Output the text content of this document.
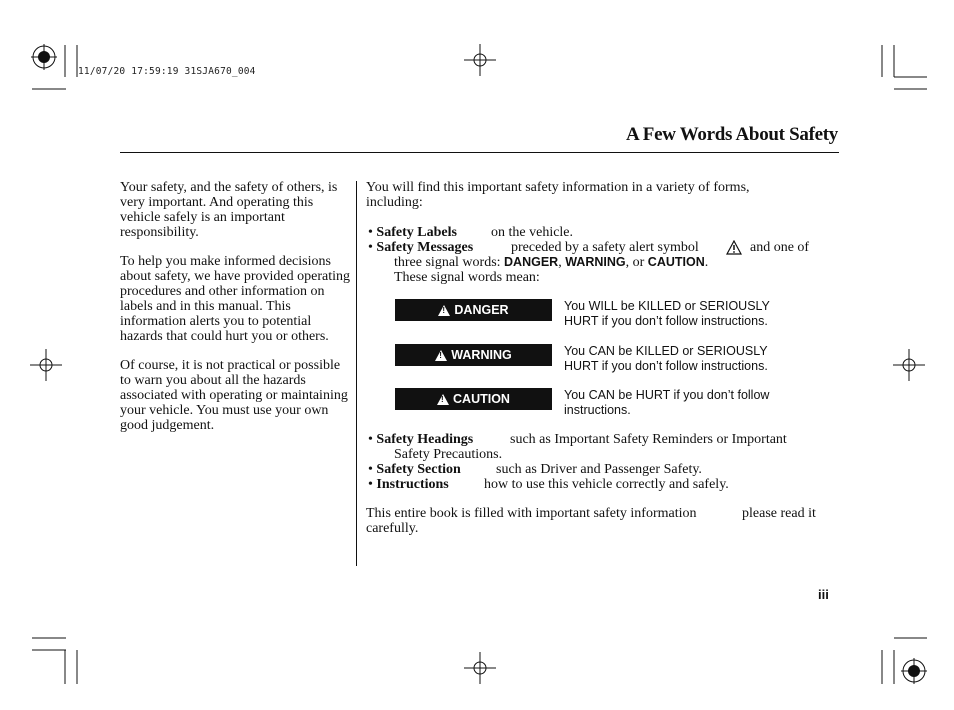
11/07/20 17:59:19 31SJA670_004
A Few Words About Safety

Your safety, and the safety of others, is very important. And operating this vehicle safely is an important responsibility.

To help you make informed decisions about safety, we have provided operating procedures and other information on labels and in this manual. This information alerts you to potential hazards that could hurt you or others.

Of course, it is not practical or possible to warn you about all the hazards associated with operating or maintaining your vehicle. You must use your own good judgement.

You will find this important safety information in a variety of forms, including:
• Safety Labels on the vehicle.
• Safety Messages	preceded by a safety alert symbol	and one of
three signal words: DANGER, WARNING, or CAUTION.
These signal words mean:
!
DANGER	You WILL be KILLED or SERIOUSLY HURT if you don’t follow instructions.
!
WARNING	You CAN be KILLED or SERIOUSLY HURT if you don’t follow instructions.
!
CAUTION	You CAN be HURT if you don’t follow instructions.
• Safety Headings	such as Important Safety Reminders or Important
Safety Precautions.
• Safety Section	such as Driver and Passenger Safety.
• Instructions	how to use this vehicle correctly and safely.
This entire book is filled with important safety information	please read it
carefully.
iii
